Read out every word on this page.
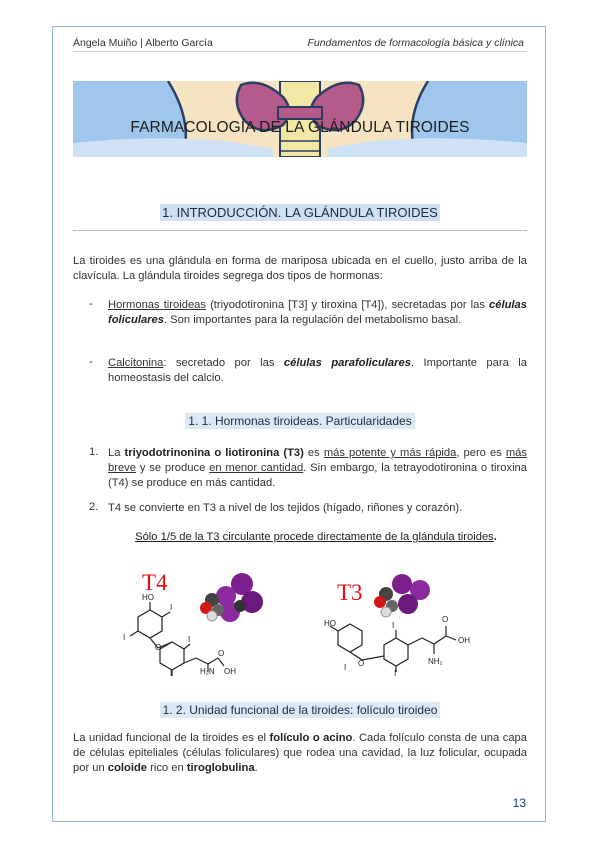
Ángela Muiño | Alberto García	Fundamentos de formacología básica y clínica
FARMACOLOGÍA DE LA GLÁNDULA TIROIDES
1. INTRODUCCIÓN. LA GLÁNDULA TIROIDES
La tiroides es una glándula en forma de mariposa ubicada en el cuello, justo arriba de la clavícula. La glándula tiroides segrega dos tipos de hormonas:
- Hormonas tiroideas (triyodotironina [T3] y tiroxina [T4]), secretadas por las células foliculares. Son importantes para la regulación del metabolismo basal.
- Calcitonina: secretado por las células parafoliculares. Importante para la homeostasis del calcio.
1. 1. Hormonas tiroideas. Particularidades
1. La triyodotrinonina o liotironina (T3) es más potente y más rápida, pero es más breve y se produce en menor cantidad. Sin embargo, la tetrayodotironina o tiroxina (T4) se produce en más cantidad.
2. T4 se convierte en T3 a nivel de los tejidos (hígado, riñones y corazón).
Sólo 1/5 de la T3 circulante procede directamente de la glándula tiroides.
T4
HO
I
I
O
I
I	H₂N
O
OH
T3
HO	I
O
I
I
O
OH
NH₂
1. 2. Unidad funcional de la tiroides: folículo tiroideo
La unidad funcional de la tiroides es el folículo o acino. Cada folículo consta de una capa de células epiteliales (células foliculares) que rodea una cavidad, la luz folicular, ocupada por un coloide rico en tiroglobulina.
13
